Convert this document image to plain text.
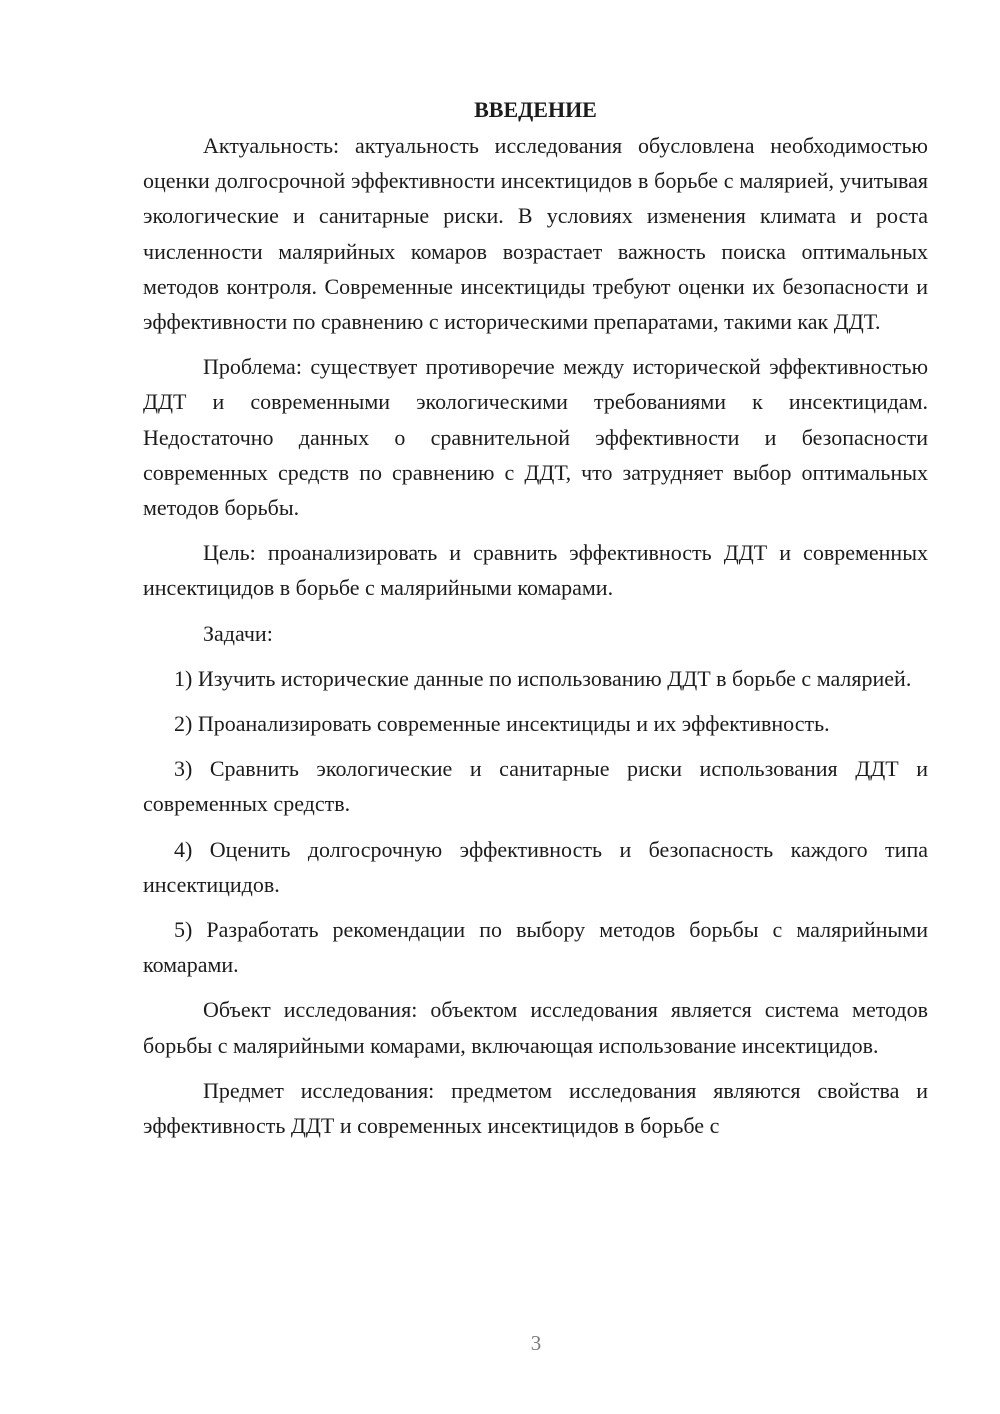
ВВЕДЕНИЕ

Актуальность: актуальность исследования обусловлена необходимостью оценки долгосрочной эффективности инсектицидов в борьбе с малярией, учитывая экологические и санитарные риски. В условиях изменения климата и роста численности малярийных комаров возрастает важность поиска оптимальных методов контроля. Современные инсектициды требуют оценки их безопасности и эффективности по сравнению с историческими препаратами, такими как ДДТ.

Проблема: существует противоречие между исторической эффективностью ДДТ и современными экологическими требованиями к инсектицидам. Недостаточно данных о сравнительной эффективности и безопасности современных средств по сравнению с ДДТ, что затрудняет выбор оптимальных методов борьбы.

Цель: проанализировать и сравнить эффективность ДДТ и современных инсектицидов в борьбе с малярийными комарами.

Задачи:

1) Изучить исторические данные по использованию ДДТ в борьбе с малярией.

2) Проанализировать современные инсектициды и их эффективность.

3) Сравнить экологические и санитарные риски использования ДДТ и современных средств.

4) Оценить долгосрочную эффективность и безопасность каждого типа инсектицидов.

5) Разработать рекомендации по выбору методов борьбы с малярийными комарами.

Объект исследования: объектом исследования является система методов борьбы с малярийными комарами, включающая использование инсектицидов.

Предмет исследования: предметом исследования являются свойства и эффективность ДДТ и современных инсектицидов в борьбе с

3
